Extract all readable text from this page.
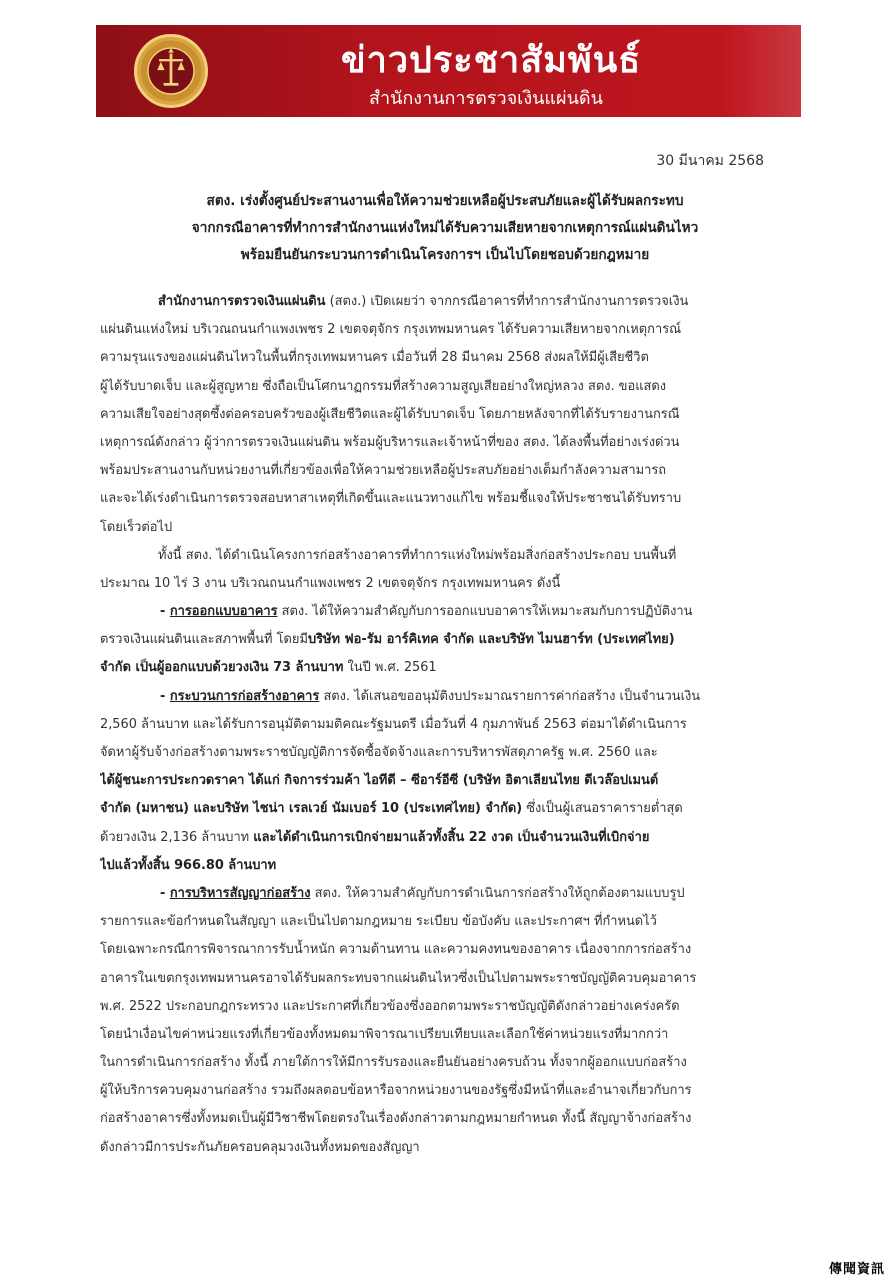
ข่าวประชาสัมพันธ์
สำนักงานการตรวจเงินแผ่นดิน
30 มีนาคม 2568
สตง. เร่งตั้งศูนย์ประสานงานเพื่อให้ความช่วยเหลือผู้ประสบภัยและผู้ได้รับผลกระทบ
จากกรณีอาคารที่ทำการสำนักงานแห่งใหม่ได้รับความเสียหายจากเหตุการณ์แผ่นดินไหว
พร้อมยืนยันกระบวนการดำเนินโครงการฯ เป็นไปโดยชอบด้วยกฎหมาย
สำนักงานการตรวจเงินแผ่นดิน (สตง.) เปิดเผยว่า จากกรณีอาคารที่ทำการสำนักงานการตรวจเงิน
แผ่นดินแห่งใหม่ บริเวณถนนกำแพงเพชร 2 เขตจตุจักร กรุงเทพมหานคร ได้รับความเสียหายจากเหตุการณ์
ความรุนแรงของแผ่นดินไหวในพื้นที่กรุงเทพมหานคร เมื่อวันที่ 28 มีนาคม 2568 ส่งผลให้มีผู้เสียชีวิต
ผู้ได้รับบาดเจ็บ และผู้สูญหาย ซึ่งถือเป็นโศกนาฏกรรมที่สร้างความสูญเสียอย่างใหญ่หลวง สตง. ขอแสดง
ความเสียใจอย่างสุดซึ้งต่อครอบครัวของผู้เสียชีวิตและผู้ได้รับบาดเจ็บ โดยภายหลังจากที่ได้รับรายงานกรณี
เหตุการณ์ดังกล่าว ผู้ว่าการตรวจเงินแผ่นดิน พร้อมผู้บริหารและเจ้าหน้าที่ของ สตง. ได้ลงพื้นที่อย่างเร่งด่วน
พร้อมประสานงานกับหน่วยงานที่เกี่ยวข้องเพื่อให้ความช่วยเหลือผู้ประสบภัยอย่างเต็มกำลังความสามารถ
และจะได้เร่งดำเนินการตรวจสอบหาสาเหตุที่เกิดขึ้นและแนวทางแก้ไข พร้อมชี้แจงให้ประชาชนได้รับทราบ
โดยเร็วต่อไป
ทั้งนี้ สตง. ได้ดำเนินโครงการก่อสร้างอาคารที่ทำการแห่งใหม่พร้อมสิ่งก่อสร้างประกอบ บนพื้นที่
ประมาณ 10 ไร่ 3 งาน บริเวณถนนกำแพงเพชร 2 เขตจตุจักร กรุงเทพมหานคร ดังนี้
- การออกแบบอาคาร สตง. ได้ให้ความสำคัญกับการออกแบบอาคารให้เหมาะสมกับการปฏิบัติงาน
ตรวจเงินแผ่นดินและสภาพพื้นที่ โดยมีบริษัท ฟอ-รัม อาร์คิเทค จำกัด และบริษัท ไมนฮาร์ท (ประเทศไทย)
จำกัด เป็นผู้ออกแบบด้วยวงเงิน 73 ล้านบาท ในปี พ.ศ. 2561
- กระบวนการก่อสร้างอาคาร สตง. ได้เสนอขออนุมัติงบประมาณรายการค่าก่อสร้าง เป็นจำนวนเงิน
2,560 ล้านบาท และได้รับการอนุมัติตามมติคณะรัฐมนตรี เมื่อวันที่ 4 กุมภาพันธ์ 2563 ต่อมาได้ดำเนินการ
จัดหาผู้รับจ้างก่อสร้างตามพระราชบัญญัติการจัดซื้อจัดจ้างและการบริหารพัสดุภาครัฐ พ.ศ. 2560 และ
ได้ผู้ชนะการประกวดราคา ได้แก่ กิจการร่วมค้า ไอทีดี – ซีอาร์อีซี (บริษัท อิตาเลียนไทย ดีเวล๊อปเมนต์
จำกัด (มหาชน) และบริษัท ไชน่า เรลเวย์ นัมเบอร์ 10 (ประเทศไทย) จำกัด) ซึ่งเป็นผู้เสนอราคารายต่ำสุด
ด้วยวงเงิน 2,136 ล้านบาท และได้ดำเนินการเบิกจ่ายมาแล้วทั้งสิ้น 22 งวด เป็นจำนวนเงินที่เบิกจ่าย
ไปแล้วทั้งสิ้น 966.80 ล้านบาท
- การบริหารสัญญาก่อสร้าง สตง. ให้ความสำคัญกับการดำเนินการก่อสร้างให้ถูกต้องตามแบบรูป
รายการและข้อกำหนดในสัญญา และเป็นไปตามกฎหมาย ระเบียบ ข้อบังคับ และประกาศฯ ที่กำหนดไว้
โดยเฉพาะกรณีการพิจารณาการรับน้ำหนัก ความต้านทาน และความคงทนของอาคาร เนื่องจากการก่อสร้าง
อาคารในเขตกรุงเทพมหานครอาจได้รับผลกระทบจากแผ่นดินไหวซึ่งเป็นไปตามพระราชบัญญัติควบคุมอาคาร
พ.ศ. 2522 ประกอบกฎกระทรวง และประกาศที่เกี่ยวข้องซึ่งออกตามพระราชบัญญัติดังกล่าวอย่างเคร่งครัด
โดยนำเงื่อนไขค่าหน่วยแรงที่เกี่ยวข้องทั้งหมดมาพิจารณาเปรียบเทียบและเลือกใช้ค่าหน่วยแรงที่มากกว่า
ในการดำเนินการก่อสร้าง ทั้งนี้ ภายใต้การให้มีการรับรองและยืนยันอย่างครบถ้วน ทั้งจากผู้ออกแบบก่อสร้าง
ผู้ให้บริการควบคุมงานก่อสร้าง รวมถึงผลตอบข้อหารือจากหน่วยงานของรัฐซึ่งมีหน้าที่และอำนาจเกี่ยวกับการ
ก่อสร้างอาคารซึ่งทั้งหมดเป็นผู้มีวิชาชีพโดยตรงในเรื่องดังกล่าวตามกฎหมายกำหนด ทั้งนี้ สัญญาจ้างก่อสร้าง
ดังกล่าวมีการประกันภัยครอบคลุมวงเงินทั้งหมดของสัญญา
傳聞資訊
